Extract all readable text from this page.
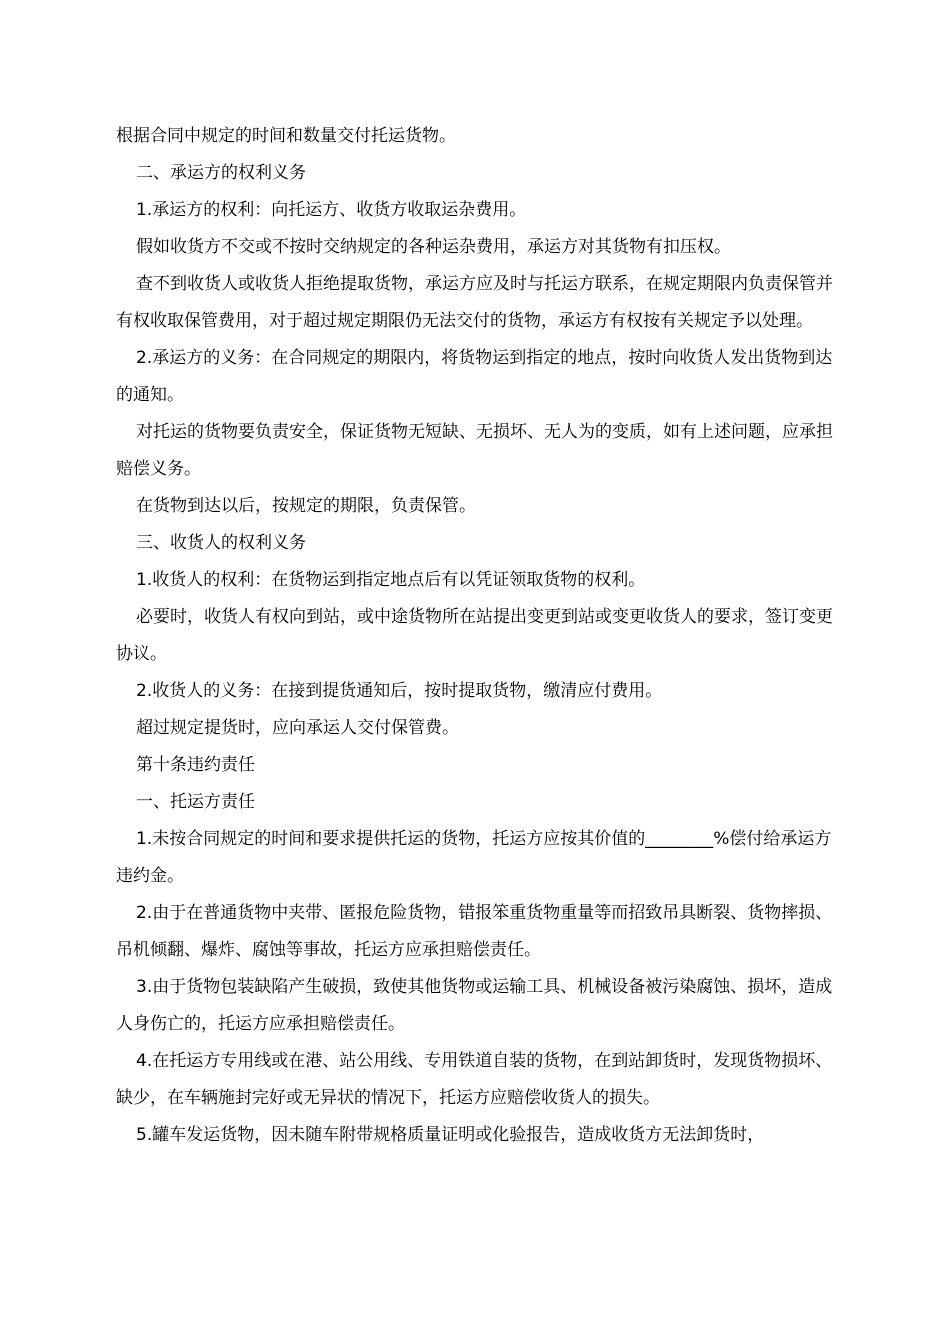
根据合同中规定的时间和数量交付托运货物。

二、承运方的权利义务

1.承运方的权利：向托运方、收货方收取运杂费用。

假如收货方不交或不按时交纳规定的各种运杂费用，承运方对其货物有扣压权。

查不到收货人或收货人拒绝提取货物，承运方应及时与托运方联系，在规定期限内负责保管并有权收取保管费用，对于超过规定期限仍无法交付的货物，承运方有权按有关规定予以处理。

2.承运方的义务：在合同规定的期限内，将货物运到指定的地点，按时向收货人发出货物到达的通知。

对托运的货物要负责安全，保证货物无短缺、无损坏、无人为的变质，如有上述问题，应承担赔偿义务。

在货物到达以后，按规定的期限，负责保管。

三、收货人的权利义务

1.收货人的权利：在货物运到指定地点后有以凭证领取货物的权利。

必要时，收货人有权向到站，或中途货物所在站提出变更到站或变更收货人的要求，签订变更协议。

2.收货人的义务：在接到提货通知后，按时提取货物，缴清应付费用。

超过规定提货时，应向承运人交付保管费。

第十条违约责任

一、托运方责任

1.未按合同规定的时间和要求提供托运的货物，托运方应按其价值的________%偿付给承运方违约金。

2.由于在普通货物中夹带、匿报危险货物，错报笨重货物重量等而招致吊具断裂、货物摔损、吊机倾翻、爆炸、腐蚀等事故，托运方应承担赔偿责任。

3.由于货物包装缺陷产生破损，致使其他货物或运输工具、机械设备被污染腐蚀、损坏，造成人身伤亡的，托运方应承担赔偿责任。

4.在托运方专用线或在港、站公用线、专用铁道自装的货物，在到站卸货时，发现货物损坏、缺少，在车辆施封完好或无异状的情况下，托运方应赔偿收货人的损失。

5.罐车发运货物，因未随车附带规格质量证明或化验报告，造成收货方无法卸货时，
